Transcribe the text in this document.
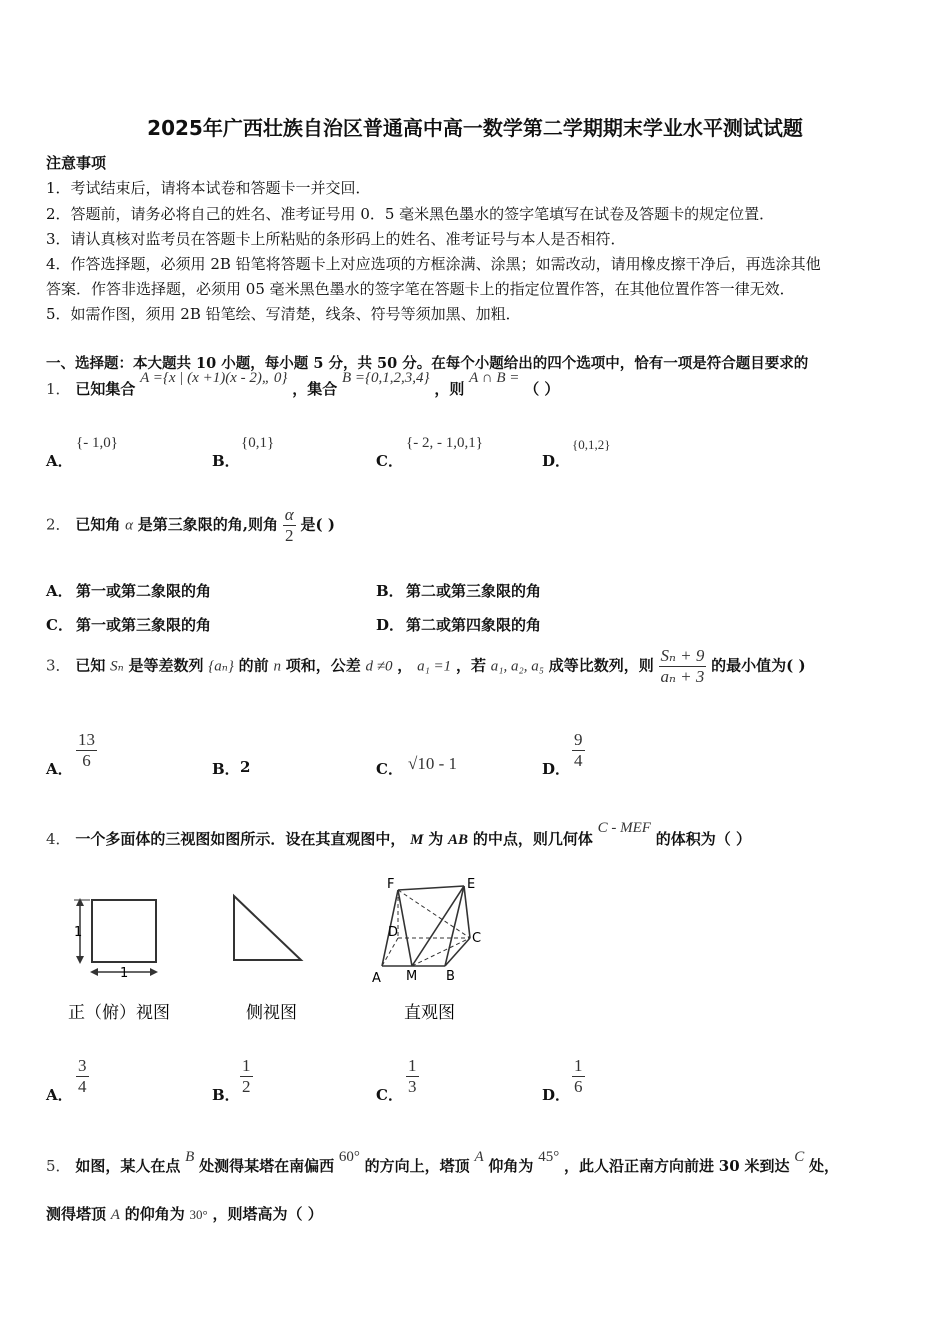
2025年广西壮族自治区普通高中高一数学第二学期期末学业水平测试试题
注意事项
1．考试结束后，请将本试卷和答题卡一并交回．
2．答题前，请务必将自己的姓名、准考证号用 0．5 毫米黑色墨水的签字笔填写在试卷及答题卡的规定位置．
3．请认真核对监考员在答题卡上所粘贴的条形码上的姓名、准考证号与本人是否相符．
4．作答选择题，必须用 2B 铅笔将答题卡上对应选项的方框涂满、涂黑；如需改动，请用橡皮擦干净后，再选涂其他
答案．作答非选择题，必须用 05 毫米黑色墨水的签字笔在答题卡上的指定位置作答，在其他位置作答一律无效．
5．如需作图，须用 2B 铅笔绘、写清楚，线条、符号等须加黑、加粗．
一、选择题：本大题共 10 小题，每小题 5 分，共 50 分。在每个小题给出的四个选项中，恰有一项是符合题目要求的
1． 已知集合 A ={x | (x +1)(x - 2)„ 0} ，集合 B ={0,1,2,3,4} ，则 A ∩ B = （ ）
A．
{- 1,0}
B．
{0,1}
C．
{- 2, - 1,0,1}
D．
{0,1,2}
2． 已知角 α 是第三象限的角,则角 $\frac{\alpha}{2}$ 是( )
A． 第一或第二象限的角	B． 第二或第三象限的角
C． 第一或第三象限的角	D． 第二或第四象限的角
3． 已知 Sₙ 是等差数列 {aₙ} 的前 n 项和，公差 d ≠0 ， a₁ =1 ，若 a₁, a₂, a₅ 成等比数列，则 $\frac{\text{Sₙ + 9}}{\text{aₙ + 3}}$ 的最小值为( )
A． $\frac{13}{6}$	B． 2	C． √10 - 1	D． $\frac{9}{4}$
4． 一个多面体的三视图如图所示．设在其直观图中， M 为 AB 的中点，则几何体 C - MEF 的体积为（ ）
1
1
正（俯）视图	侧视图
F	E
D	C
A M B
直观图
A． $\frac{3}{4}$	B． $\frac{1}{2}$	C． $\frac{1}{3}$	D． $\frac{1}{6}$
5． 如图，某人在点 B 处测得某塔在南偏西 60° 的方向上，塔顶 A 仰角为 45° ，此人沿正南方向前进 30 米到达 C 处，
测得塔顶 A 的仰角为 30° ，则塔高为（ ）
